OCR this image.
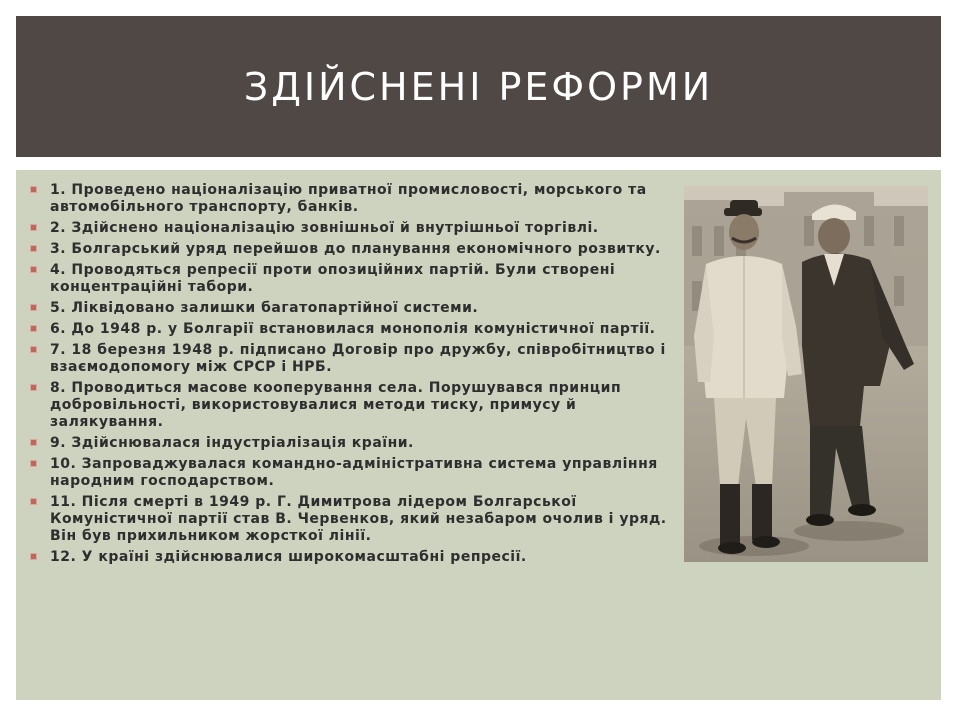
ЗДІЙСНЕНІ РЕФОРМИ
1. Проведено націоналізацію приватної промисловості, морського та автомобільного транспорту, банків.
2. Здійснено націоналізацію зовнішньої й внутрішньої торгівлі.
3. Болгарський уряд перейшов до планування економічного розвитку.
4. Проводяться репресії проти опозиційних партій. Були створені концентраційні табори.
5. Ліквідовано залишки багатопартійної системи.
6. До 1948 р. у Болгарії встановилася монополія комуністичної партії.
7. 18 березня 1948 р. підписано Договір про дружбу, співробітництво і взаємодопомогу між СРСР і НРБ.
8. Проводиться масове кооперування села. Порушувався принцип добровільності, використовувалися методи тиску, примусу й залякування.
9. Здійснювалася індустріалізація країни.
10. Запроваджувалася командно-адміністративна система управління народним господарством.
11. Після смерті в 1949 р. Г. Димитрова лідером Болгарської Комуністичної партії став В. Червенков, який незабаром очолив і уряд. Він був прихильником жорсткої лінії.
12. У країні здійснювалися широкомасштабні репресії.
